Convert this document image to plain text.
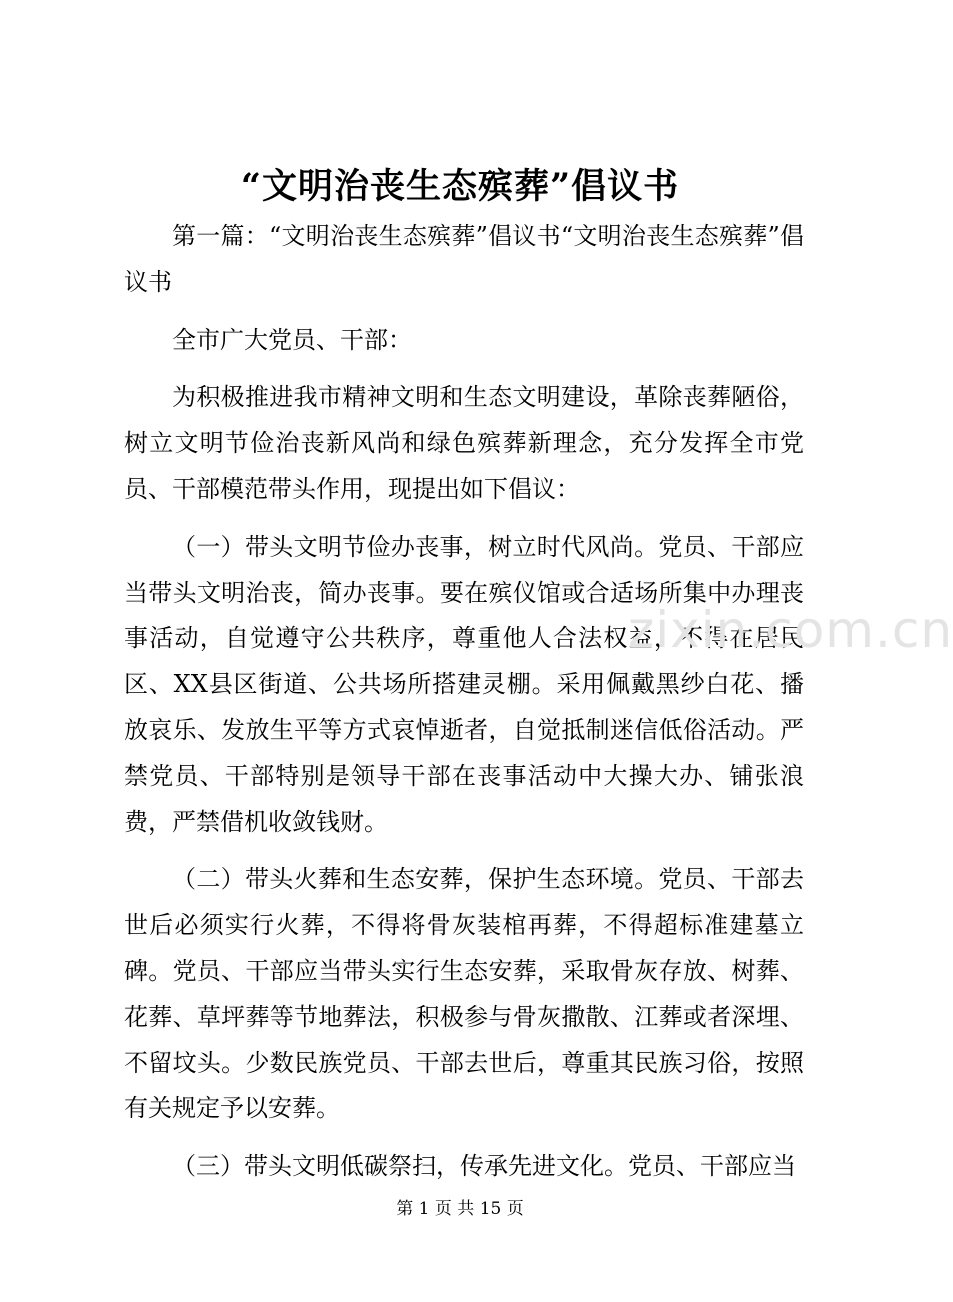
“文明治丧生态殡葬”倡议书

第一篇：“文明治丧生态殡葬”倡议书“文明治丧生态殡葬”倡议书

全市广大党员、干部：

为积极推进我市精神文明和生态文明建设，革除丧葬陋俗，树立文明节俭治丧新风尚和绿色殡葬新理念，充分发挥全市党员、干部模范带头作用，现提出如下倡议：

（一）带头文明节俭办丧事，树立时代风尚。党员、干部应当带头文明治丧，简办丧事。要在殡仪馆或合适场所集中办理丧事活动，自觉遵守公共秩序，尊重他人合法权益，不得在居民区、XX县区街道、公共场所搭建灵棚。采用佩戴黑纱白花、播放哀乐、发放生平等方式哀悼逝者，自觉抵制迷信低俗活动。严禁党员、干部特别是领导干部在丧事活动中大操大办、铺张浪费，严禁借机收敛钱财。

（二）带头火葬和生态安葬，保护生态环境。党员、干部去世后必须实行火葬，不得将骨灰装棺再葬，不得超标准建墓立碑。党员、干部应当带头实行生态安葬，采取骨灰存放、树葬、花葬、草坪葬等节地葬法，积极参与骨灰撒散、江葬或者深埋、不留坟头。少数民族党员、干部去世后，尊重其民族习俗，按照有关规定予以安葬。

（三）带头文明低碳祭扫，传承先进文化。党员、干部应当

zixin.com.cn
第 1 页 共 15 页
